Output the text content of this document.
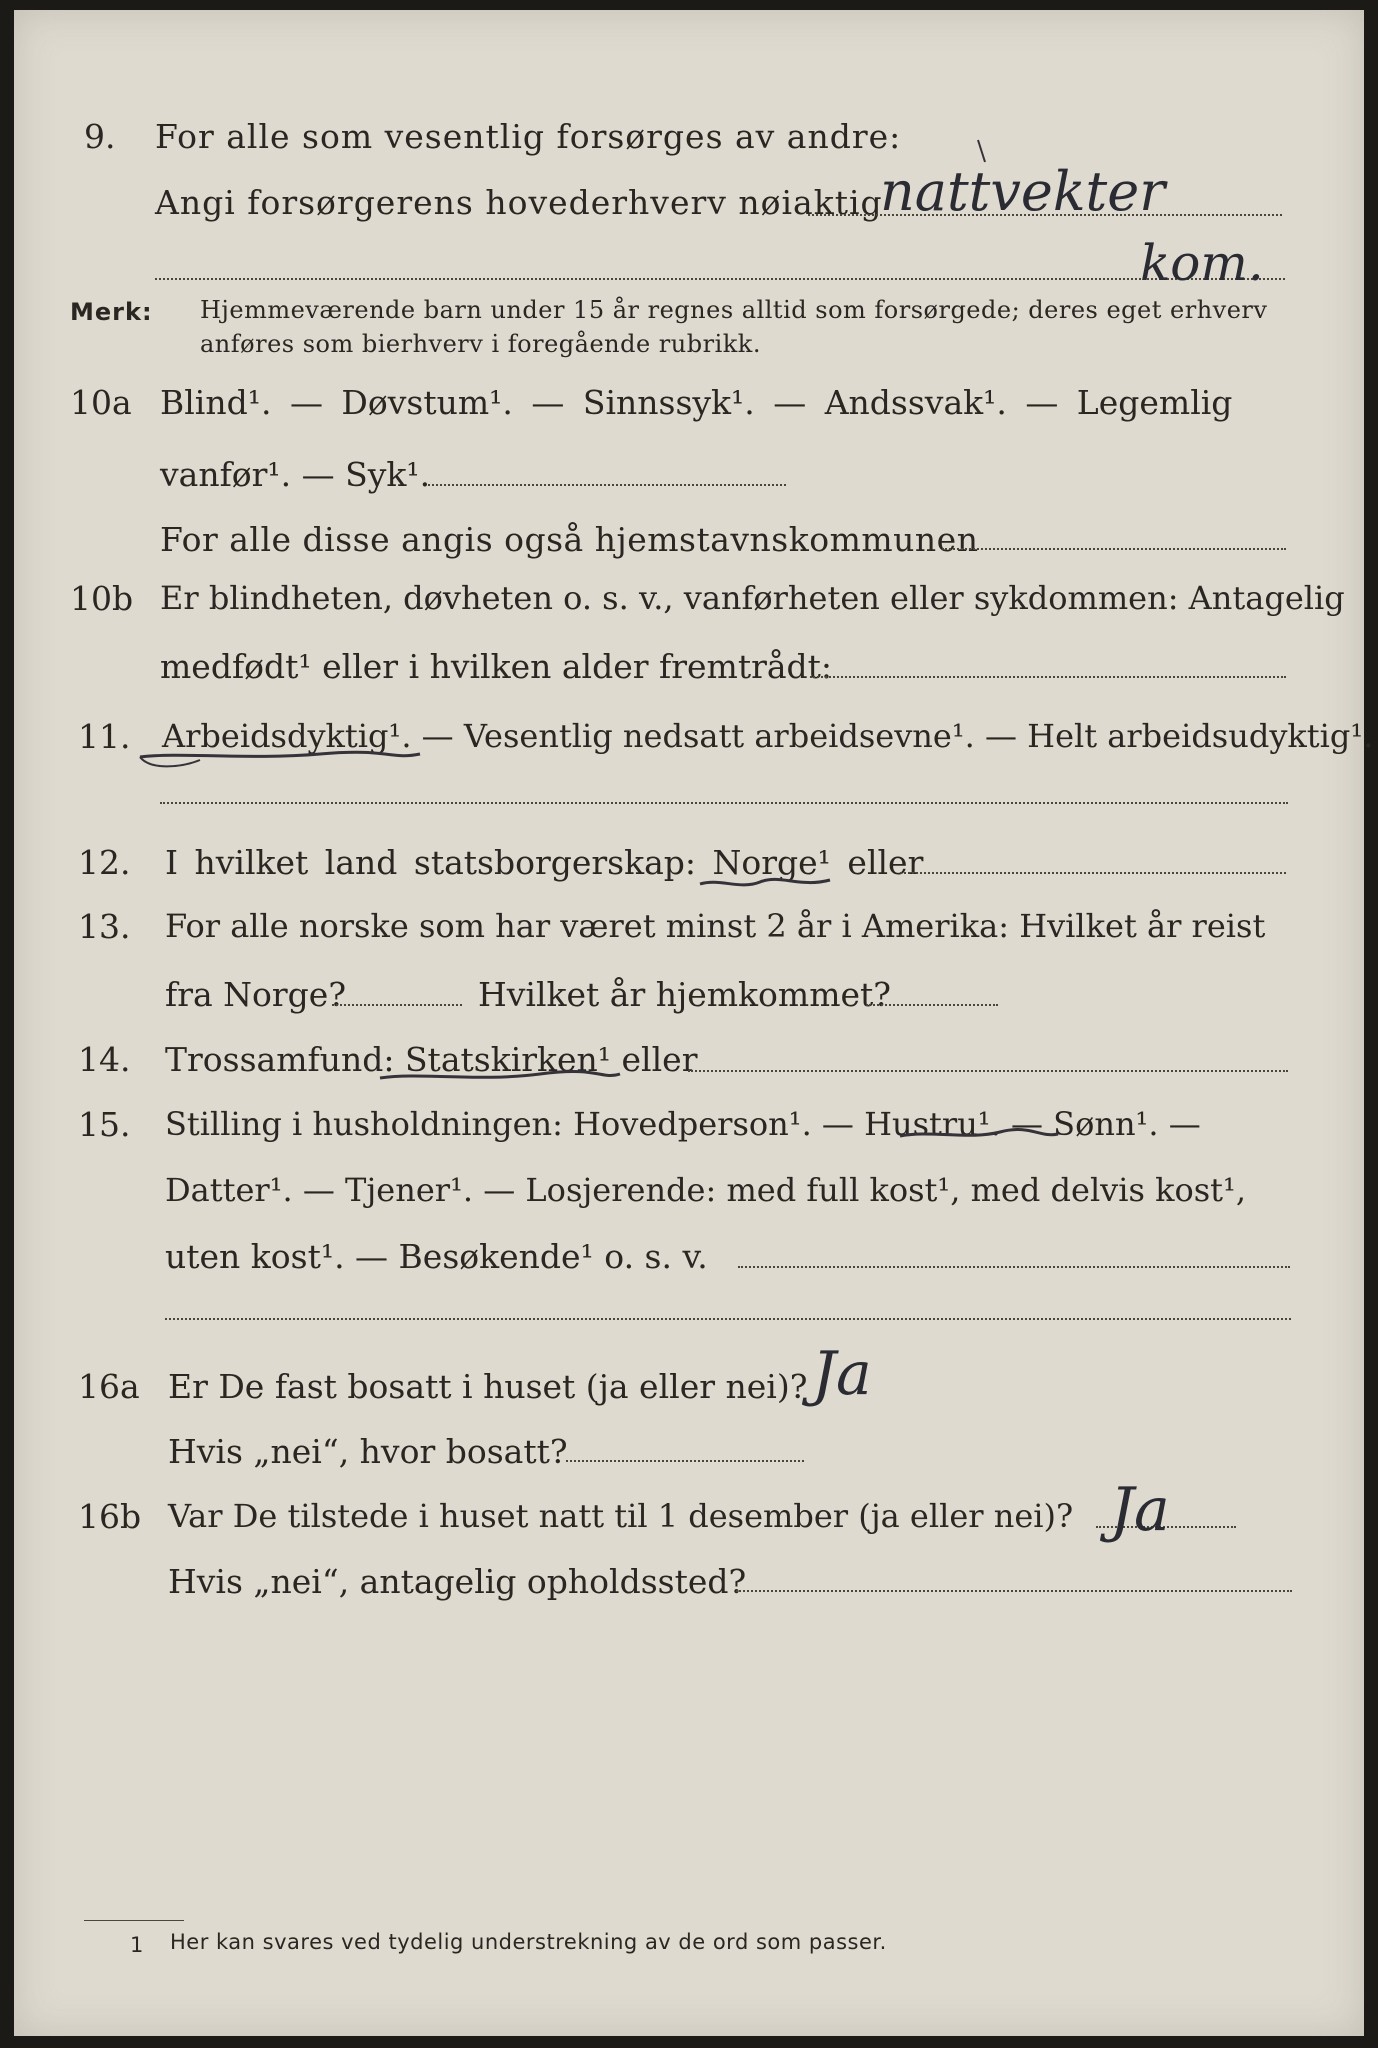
9. For alle som vesentlig forsørges av andre:
Angi forsørgerens hovederhverv nøiaktig
nattvekter
kom.
Merk: Hjemmeværende barn under 15 år regnes alltid som forsørgede; deres eget erhverv anføres som bierhverv i foregående rubrikk.
10a Blind¹. — Døvstum¹. — Sinnssyk¹. — Andssvak¹. — Legemlig
vanfør¹. — Syk¹.
For alle disse angis også hjemstavnskommunen
10b Er blindheten, døvheten o. s. v., vanførheten eller sykdommen: Antagelig
medfødt¹ eller i hvilken alder fremtrådt:
11. Arbeidsdyktig¹. — Vesentlig nedsatt arbeidsevne¹. — Helt arbeidsudyktig¹.
12. I hvilket land statsborgerskap: Norge¹ eller
13. For alle norske som har været minst 2 år i Amerika: Hvilket år reist
fra Norge?	Hvilket år hjemkommet?
14. Trossamfund: Statskirken¹ eller
15. Stilling i husholdningen: Hovedperson¹. — Hustru¹. — Sønn¹. —
Datter¹. — Tjener¹. — Losjerende: med full kost¹, med delvis kost¹,
uten kost¹. — Besøkende¹ o. s. v.
16a Er De fast bosatt i huset (ja eller nei)? Ja
Hvis „nei“, hvor bosatt?
16b Var De tilstede i huset natt til 1 desember (ja eller nei)? Ja
Hvis „nei“, antagelig opholdssted?
1 Her kan svares ved tydelig understrekning av de ord som passer.
